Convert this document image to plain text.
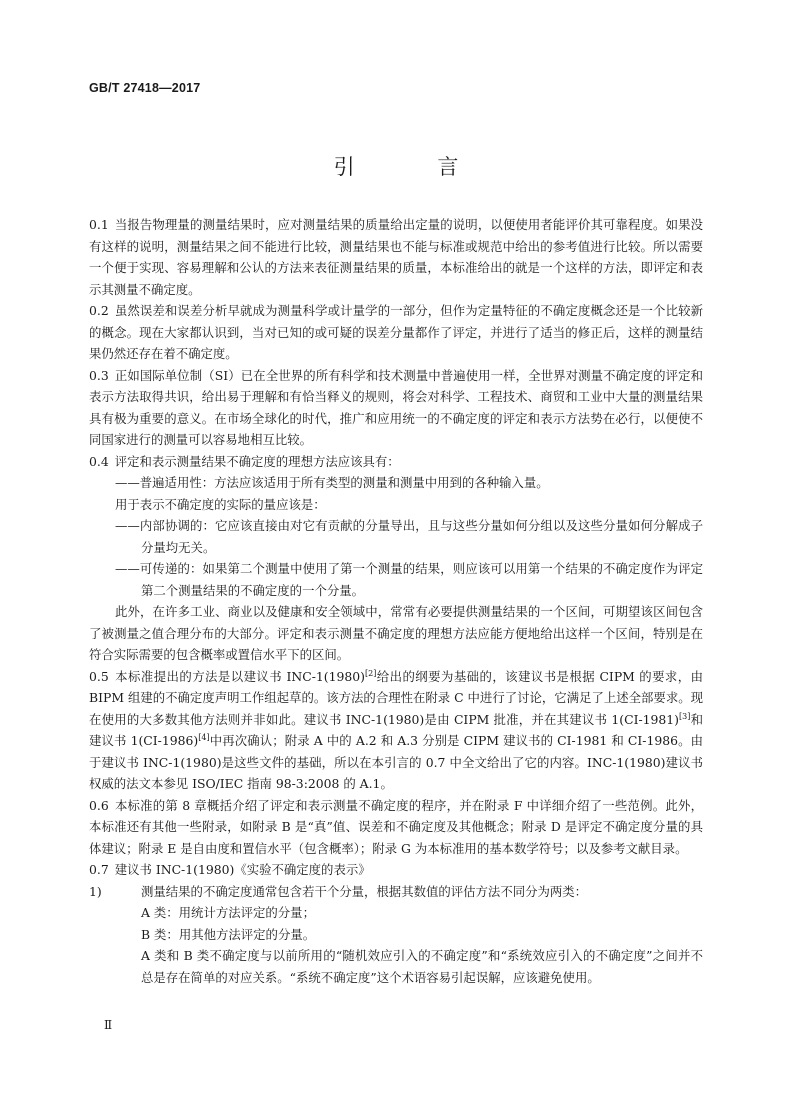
GB/T 27418—2017
引 言

0.1 当报告物理量的测量结果时，应对测量结果的质量给出定量的说明，以便使用者能评价其可靠程度。如果没有这样的说明，测量结果之间不能进行比较，测量结果也不能与标准或规范中给出的参考值进行比较。所以需要一个便于实现、容易理解和公认的方法来表征测量结果的质量，本标准给出的就是一个这样的方法，即评定和表示其测量不确定度。

0.2 虽然误差和误差分析早就成为测量科学或计量学的一部分，但作为定量特征的不确定度概念还是一个比较新的概念。现在大家都认识到，当对已知的或可疑的误差分量都作了评定，并进行了适当的修正后，这样的测量结果仍然还存在着不确定度。

0.3 正如国际单位制（SI）已在全世界的所有科学和技术测量中普遍使用一样，全世界对测量不确定度的评定和表示方法取得共识，给出易于理解和有恰当释义的规则，将会对科学、工程技术、商贸和工业中大量的测量结果具有极为重要的意义。在市场全球化的时代，推广和应用统一的不确定度的评定和表示方法势在必行，以便使不同国家进行的测量可以容易地相互比较。

0.4 评定和表示测量结果不确定度的理想方法应该具有：

——普遍适用性：方法应该适用于所有类型的测量和测量中用到的各种输入量。

用于表示不确定度的实际的量应该是：

——内部协调的：它应该直接由对它有贡献的分量导出，且与这些分量如何分组以及这些分量如何分解成子分量均无关。

——可传递的：如果第二个测量中使用了第一个测量的结果，则应该可以用第一个结果的不确定度作为评定第二个测量结果的不确定度的一个分量。

此外，在许多工业、商业以及健康和安全领域中，常常有必要提供测量结果的一个区间，可期望该区间包含了被测量之值合理分布的大部分。评定和表示测量不确定度的理想方法应能方便地给出这样一个区间，特别是在符合实际需要的包含概率或置信水平下的区间。

0.5 本标准提出的方法是以建议书 INC-1(1980)[2]给出的纲要为基础的，该建议书是根据 CIPM 的要求，由 BIPM 组建的不确定度声明工作组起草的。该方法的合理性在附录 C 中进行了讨论，它满足了上述全部要求。现在使用的大多数其他方法则并非如此。建议书 INC-1(1980)是由 CIPM 批准，并在其建议书 1(CI-1981)[3]和建议书 1(CI-1986)[4]中再次确认；附录 A 中的 A.2 和 A.3 分别是 CIPM 建议书的 CI-1981 和 CI-1986。由于建议书 INC-1(1980)是这些文件的基础，所以在本引言的 0.7 中全文给出了它的内容。INC-1(1980)建议书权威的法文本参见 ISO/IEC 指南 98-3:2008 的 A.1。

0.6 本标准的第 8 章概括介绍了评定和表示测量不确定度的程序，并在附录 F 中详细介绍了一些范例。此外，本标准还有其他一些附录，如附录 B 是“真”值、误差和不确定度及其他概念；附录 D 是评定不确定度分量的具体建议；附录 E 是自由度和置信水平（包含概率）；附录 G 为本标准用的基本数学符号；以及参考文献目录。

0.7 建议书 INC-1(1980)《实验不确定度的表示》

1)	测量结果的不确定度通常包含若干个分量，根据其数值的评估方法不同分为两类：

A 类：用统计方法评定的分量；

B 类：用其他方法评定的分量。

A 类和 B 类不确定度与以前所用的“随机效应引入的不确定度”和“系统效应引入的不确定度”之间并不总是存在简单的对应关系。“系统不确定度”这个术语容易引起误解，应该避免使用。

Ⅱ
